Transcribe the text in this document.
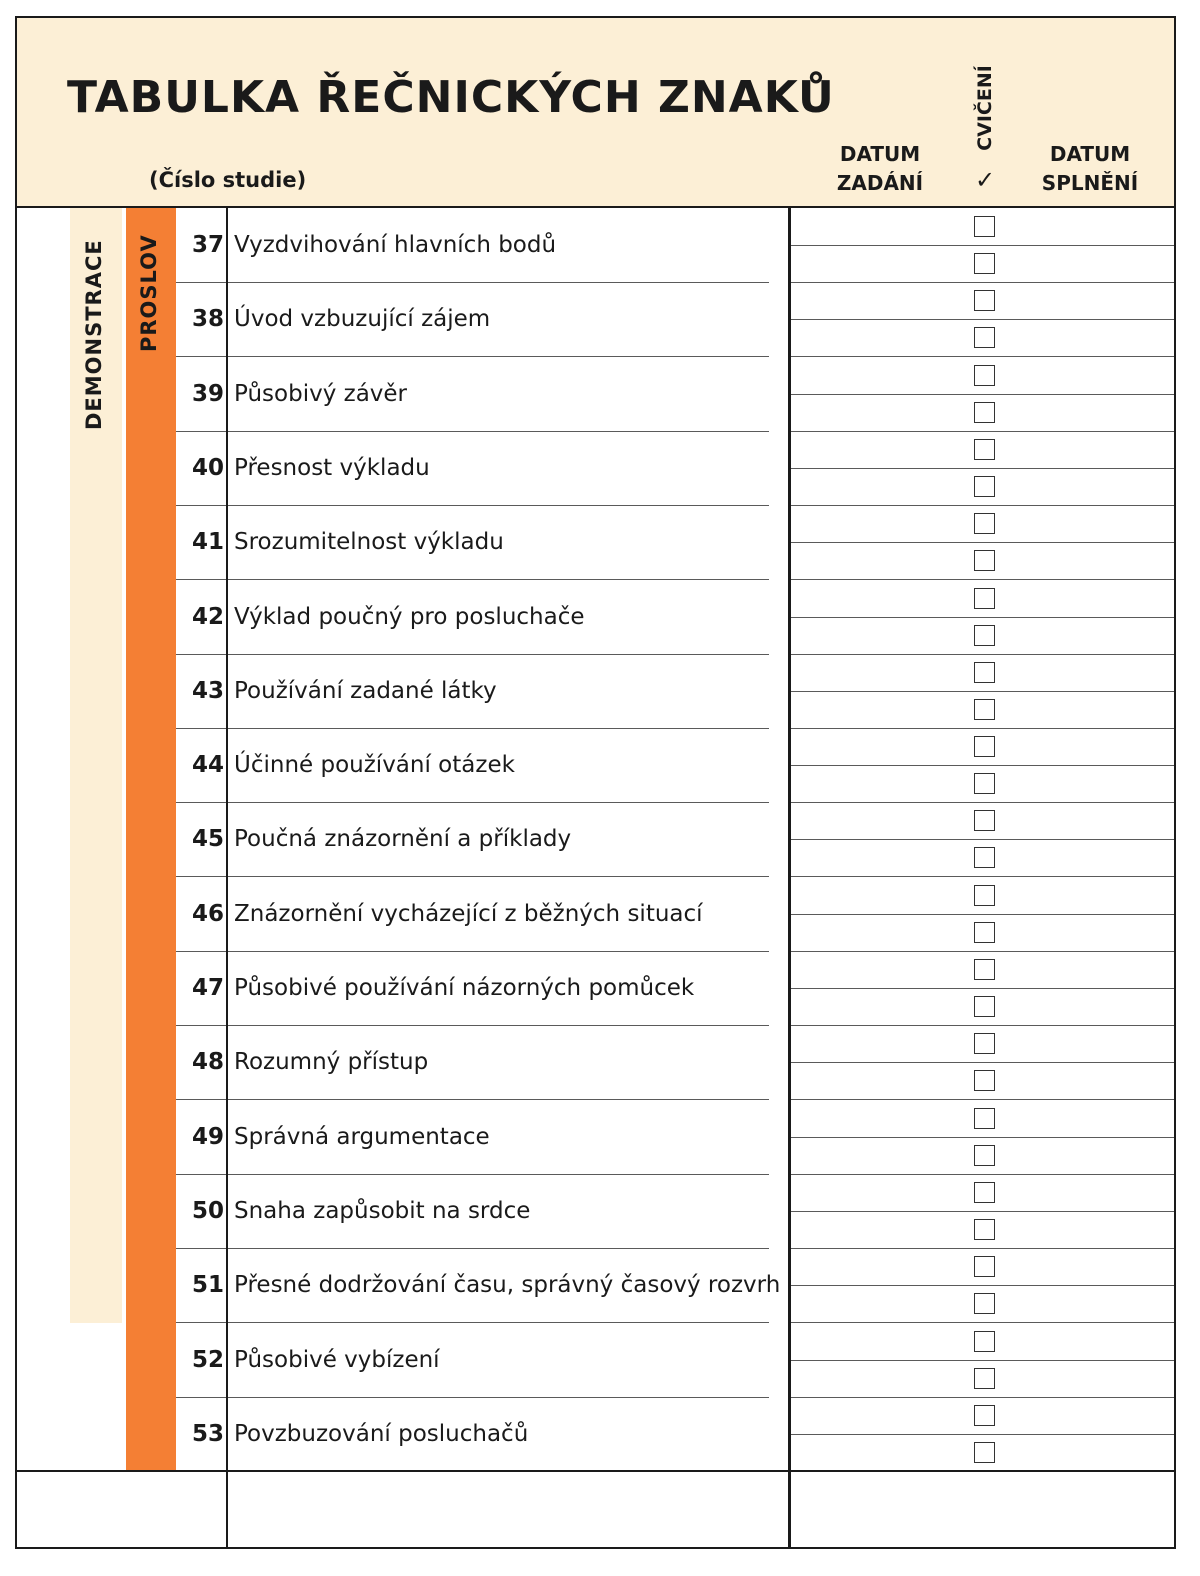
TABULKA ŘEČNICKÝCH ZNAKŮ
(Číslo studie)
DATUM
ZADÁNÍ
CVIČENÍ
✓
DATUM
SPLNĚNÍ
DEMONSTRACE PROSLOV	37 Vyzdvihování hlavních bodů
38 Úvod vzbuzující zájem
39 Působivý závěr
40 Přesnost výkladu
41 Srozumitelnost výkladu
42 Výklad poučný pro posluchače
43 Používání zadané látky
44 Účinné používání otázek
45 Poučná znázornění a příklady
46 Znázornění vycházející z běžných situací
47 Působivé používání názorných pomůcek
48 Rozumný přístup
49 Správná argumentace
50 Snaha zapůsobit na srdce
51 Přesné dodržování času, správný časový rozvrh
52 Působivé vybízení
53 Povzbuzování posluchačů
